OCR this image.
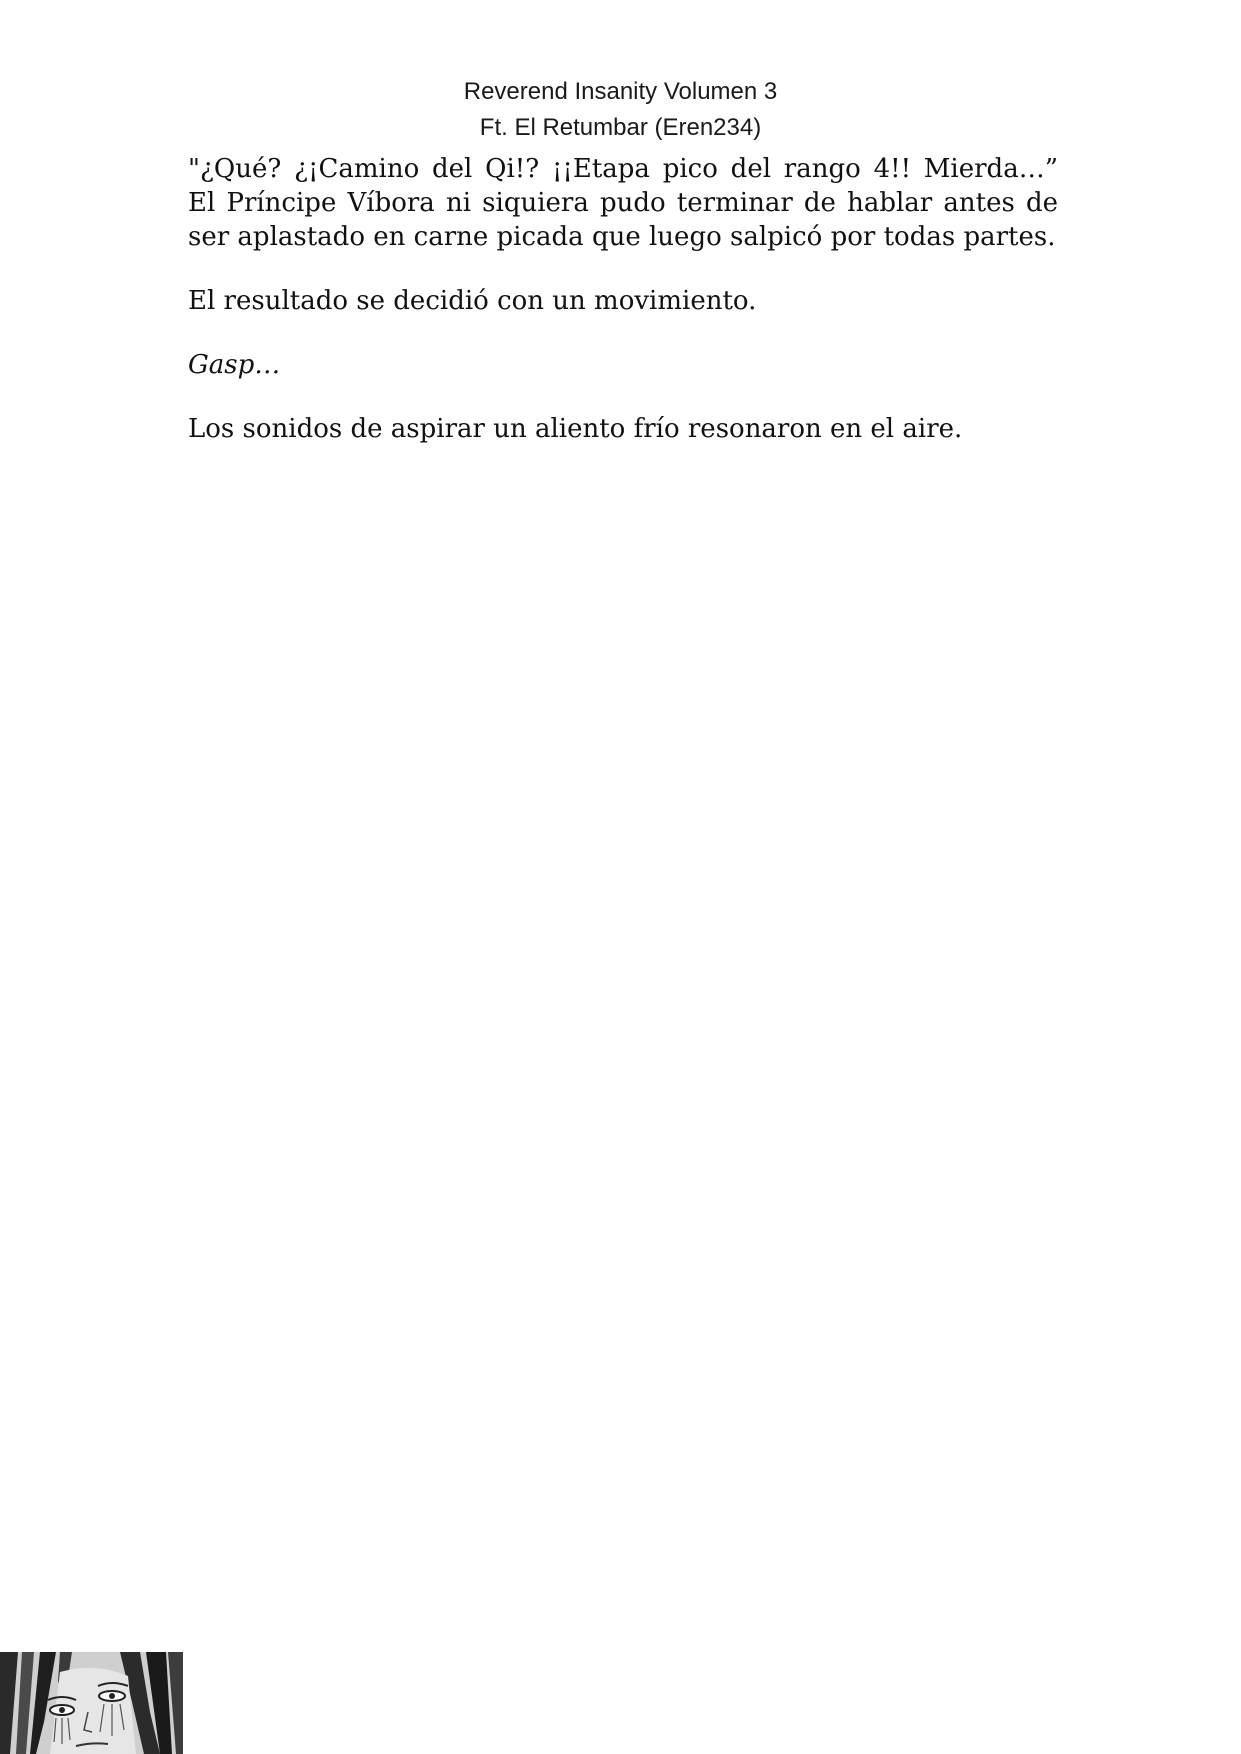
Reverend Insanity Volumen 3
Ft. El Retumbar (Eren234)

"¿Qué? ¿¡Camino del Qi!? ¡¡Etapa pico del rango 4!! Mierda…”
El Príncipe Víbora ni siquiera pudo terminar de hablar antes de
ser aplastado en carne picada que luego salpicó por todas partes.

El resultado se decidió con un movimiento.

Gasp…

Los sonidos de aspirar un aliento frío resonaron en el aire.
